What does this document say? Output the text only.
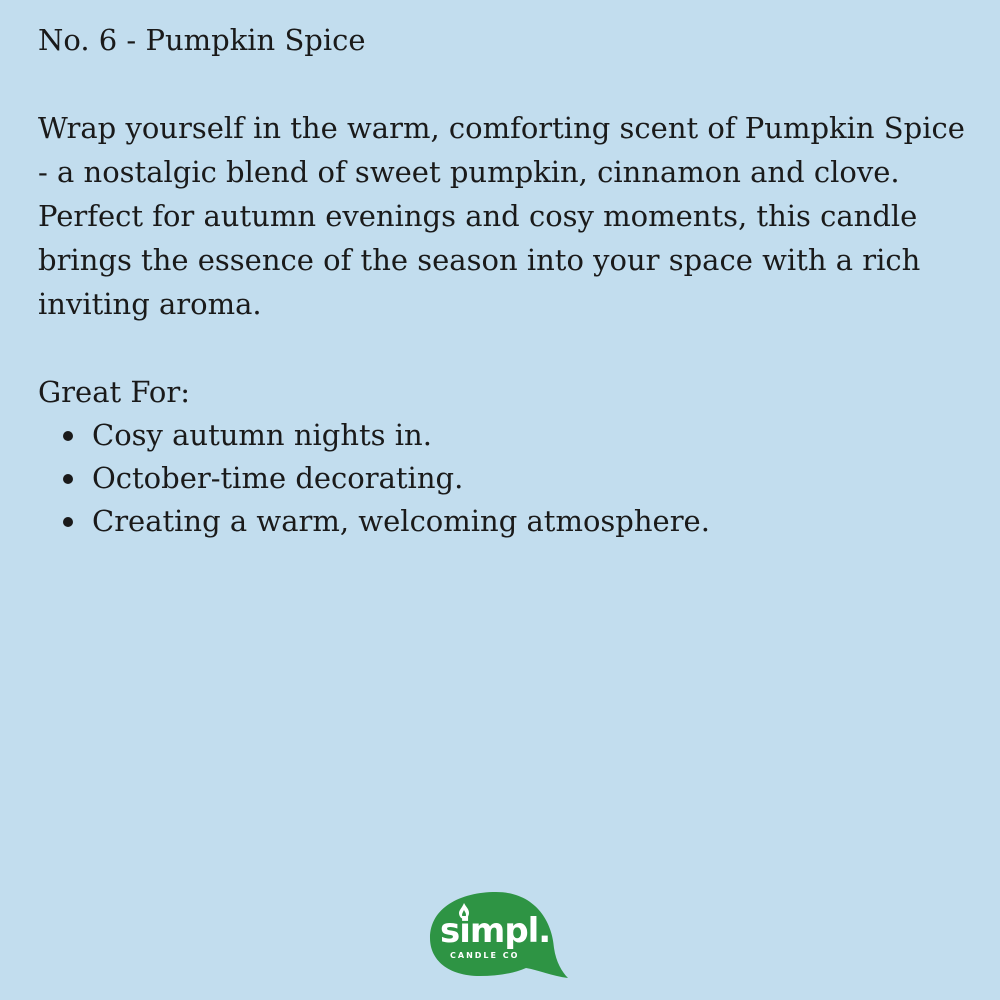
No. 6 - Pumpkin Spice

Wrap yourself in the warm, comforting scent of Pumpkin Spice - a nostalgic blend of sweet pumpkin, cinnamon and clove. Perfect for autumn evenings and cosy moments, this candle brings the essence of the season into your space with a rich inviting aroma.

Great For:

Cosy autumn nights in.
October-time decorating.
Creating a warm, welcoming atmosphere.
simpl.
CANDLE CO
